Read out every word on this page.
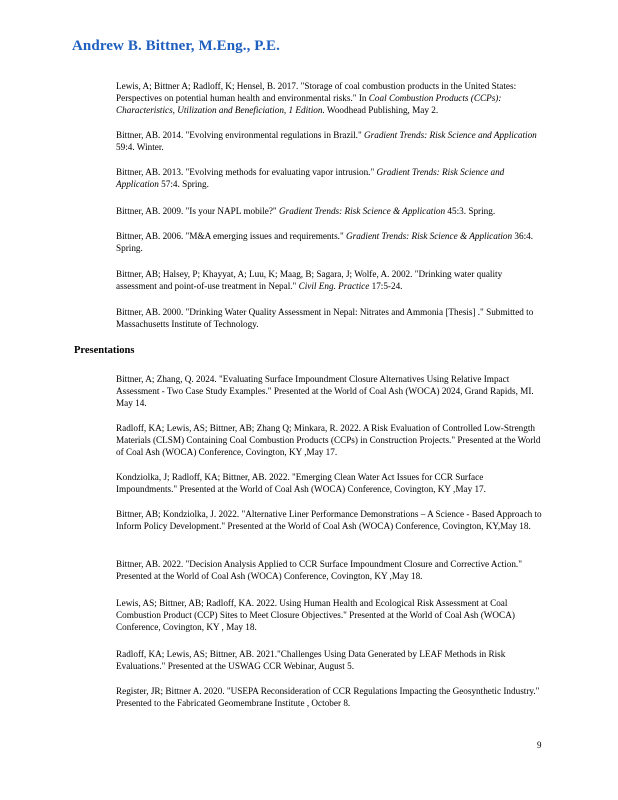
Andrew B. Bittner, M.Eng., P.E.

Lewis, A; Bittner A; Radloff, K; Hensel, B. 2017. "Storage of coal combustion products in the United States: Perspectives on potential human health and environmental risks." In Coal Combustion Products (CCPs): Characteristics, Utilization and Beneficiation, 1 Edition. Woodhead Publishing, May 2.

Bittner, AB. 2014. "Evolving environmental regulations in Brazil." Gradient Trends: Risk Science and Application 59:4. Winter.

Bittner, AB. 2013. "Evolving methods for evaluating vapor intrusion." Gradient Trends: Risk Science and Application 57:4. Spring.

Bittner, AB. 2009. "Is your NAPL mobile?" Gradient Trends: Risk Science & Application 45:3. Spring.

Bittner, AB. 2006. "M&A emerging issues and requirements." Gradient Trends: Risk Science & Application 36:4. Spring.

Bittner, AB; Halsey, P; Khayyat, A; Luu, K; Maag, B; Sagara, J; Wolfe, A. 2002. "Drinking water quality assessment and point-of-use treatment in Nepal." Civil Eng. Practice 17:5-24.

Bittner, AB. 2000. "Drinking Water Quality Assessment in Nepal: Nitrates and Ammonia [Thesis] ." Submitted to Massachusetts Institute of Technology.

Presentations

Bittner, A; Zhang, Q. 2024. "Evaluating Surface Impoundment Closure Alternatives Using Relative Impact Assessment - Two Case Study Examples." Presented at the World of Coal Ash (WOCA) 2024, Grand Rapids, MI. May 14.

Radloff, KA; Lewis, AS; Bittner, AB; Zhang Q; Minkara, R. 2022. A Risk Evaluation of Controlled Low-Strength Materials (CLSM) Containing Coal Combustion Products (CCPs) in Construction Projects." Presented at the World of Coal Ash (WOCA) Conference, Covington, KY ,May 17.

Kondziolka, J; Radloff, KA; Bittner, AB. 2022. "Emerging Clean Water Act Issues for CCR Surface Impoundments." Presented at the World of Coal Ash (WOCA) Conference, Covington, KY ,May 17.

Bittner, AB; Kondziolka, J. 2022. "Alternative Liner Performance Demonstrations – A Science - Based Approach to Inform Policy Development." Presented at the World of Coal Ash (WOCA) Conference, Covington, KY,May 18.

Bittner, AB. 2022. "Decision Analysis Applied to CCR Surface Impoundment Closure and Corrective Action." Presented at the World of Coal Ash (WOCA) Conference, Covington, KY ,May 18.

Lewis, AS; Bittner, AB; Radloff, KA. 2022. Using Human Health and Ecological Risk Assessment at Coal Combustion Product (CCP) Sites to Meet Closure Objectives." Presented at the World of Coal Ash (WOCA) Conference, Covington, KY , May 18.

Radloff, KA; Lewis, AS; Bittner, AB. 2021."Challenges Using Data Generated by LEAF Methods in Risk Evaluations." Presented at the USWAG CCR Webinar, August 5.

Register, JR; Bittner A. 2020. "USEPA Reconsideration of CCR Regulations Impacting the Geosynthetic Industry." Presented to the Fabricated Geomembrane Institute , October 8.

9
